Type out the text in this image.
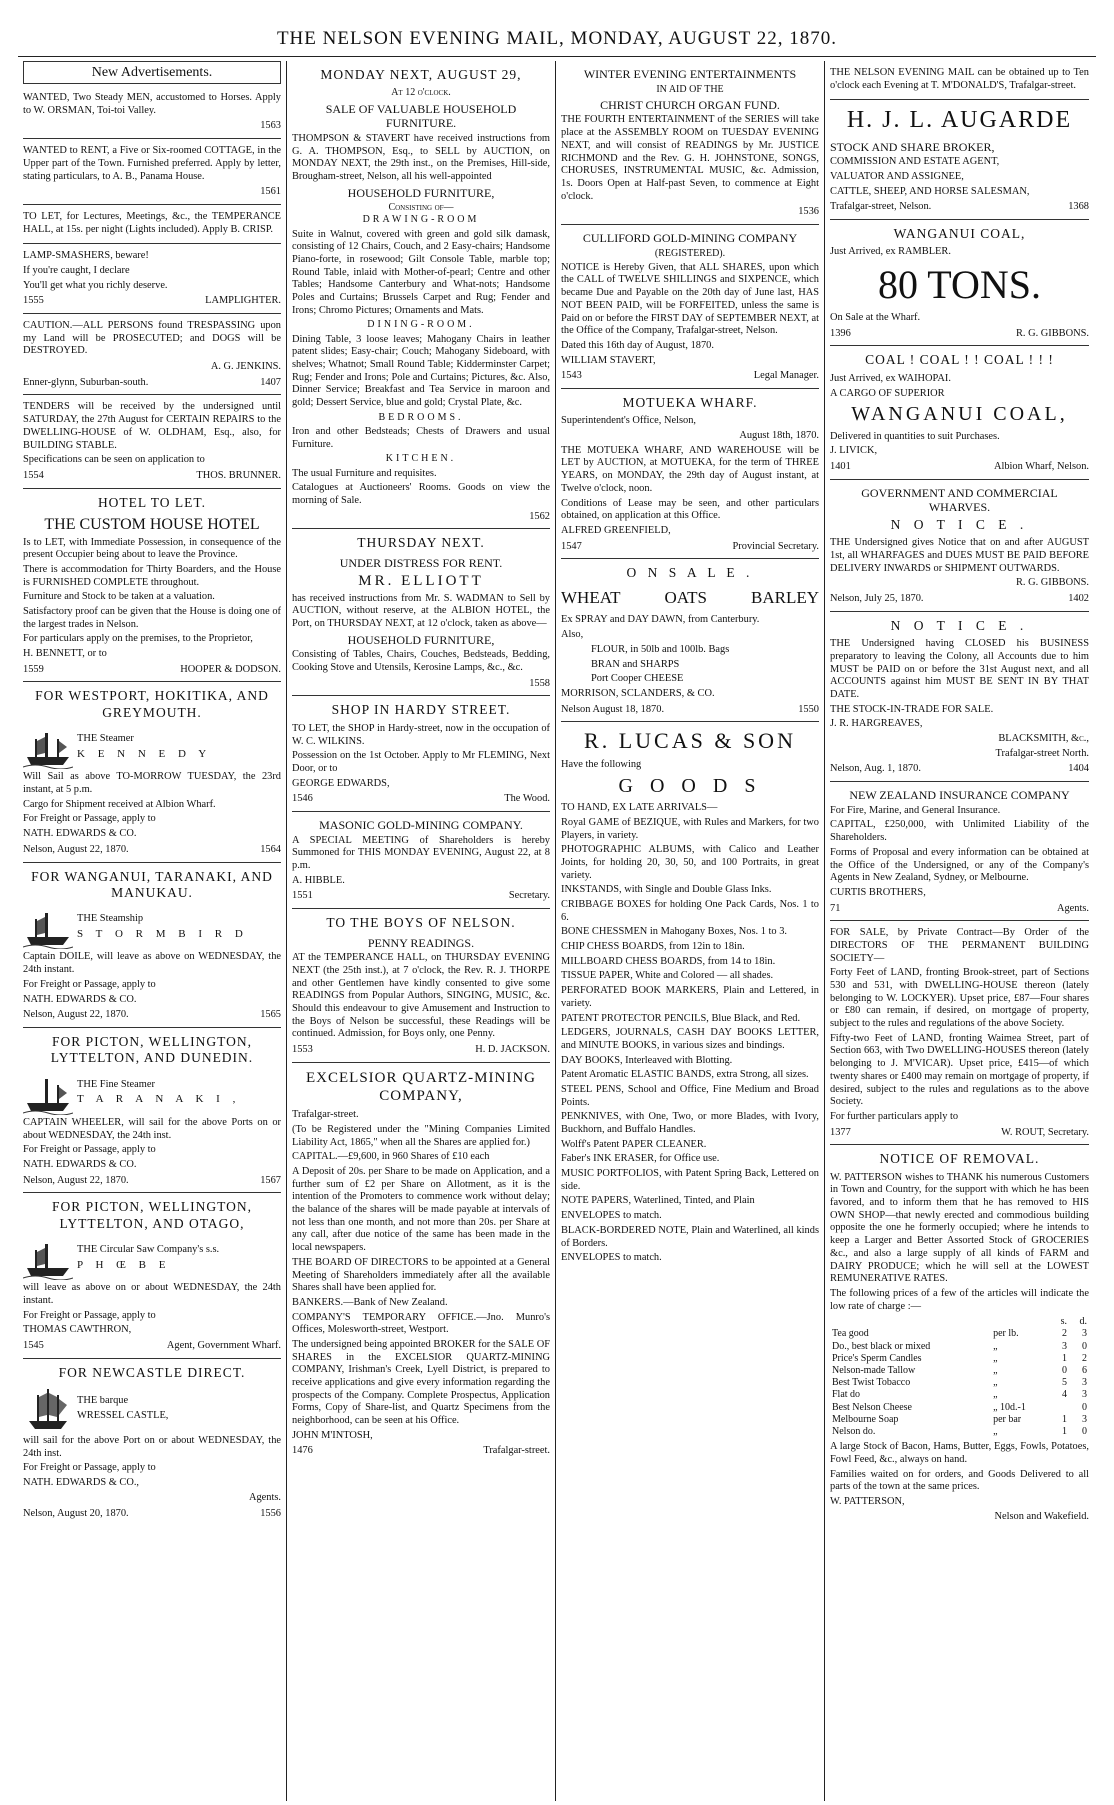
THE NELSON EVENING MAIL, MONDAY, AUGUST 22, 1870.
New Advertisements.

WANTED, Two Steady MEN, accustomed to Horses. Apply to W. ORSMAN, Toi-toi Valley.

1563

WANTED to RENT, a Five or Six-roomed COTTAGE, in the Upper part of the Town. Furnished preferred. Apply by letter, stating particulars, to A. B., Panama House.

1561

TO LET, for Lectures, Meetings, &c., the TEMPERANCE HALL, at 15s. per night (Lights included). Apply B. CRISP.

LAMP-SMASHERS, beware!

If you're caught, I declare

You'll get what you richly deserve.

1555	LAMPLIGHTER.

CAUTION.—ALL PERSONS found TRESPASSING upon my Land will be PROSECUTED; and DOGS will be DESTROYED.

A. G. JENKINS.
Enner-glynn, Suburban-south.	1407

TENDERS will be received by the undersigned until SATURDAY, the 27th August for CERTAIN REPAIRS to the DWELLING-HOUSE of W. OLDHAM, Esq., also, for BUILDING STABLE.

Specifications can be seen on application to

1554	THOS. BRUNNER.
HOTEL TO LET.
THE CUSTOM HOUSE HOTEL

Is to LET, with Immediate Possession, in consequence of the present Occupier being about to leave the Province.

There is accommodation for Thirty Boarders, and the House is FURNISHED COMPLETE throughout.

Furniture and Stock to be taken at a valuation.

Satisfactory proof can be given that the House is doing one of the largest trades in Nelson.

For particulars apply on the premises, to the Proprietor,

H. BENNETT, or to

1559	HOOPER & DODSON.
FOR WESTPORT, HOKITIKA, AND GREYMOUTH.

THE Steamer

K E N N E D Y

Will Sail as above TO-MORROW TUESDAY, the 23rd instant, at 5 p.m.

Cargo for Shipment received at Albion Wharf.

For Freight or Passage, apply to

NATH. EDWARDS & CO.

Nelson, August 22, 1870.	1564
FOR WANGANUI, TARANAKI, AND MANUKAU.

THE Steamship

S T O R M B I R D

Captain DOILE, will leave as above on WEDNESDAY, the 24th instant.

For Freight or Passage, apply to

NATH. EDWARDS & CO.

Nelson, August 22, 1870.	1565
FOR PICTON, WELLINGTON, LYTTELTON, AND DUNEDIN.

THE Fine Steamer

T A R A N A K I ,

CAPTAIN WHEELER, will sail for the above Ports on or about WEDNESDAY, the 24th inst.

For Freight or Passage, apply to

NATH. EDWARDS & CO.

Nelson, August 22, 1870.	1567
FOR PICTON, WELLINGTON, LYTTELTON, AND OTAGO,

THE Circular Saw Company's s.s.

P H Œ B E

will leave as above on or about WEDNESDAY, the 24th instant.

For Freight or Passage, apply to

THOMAS CAWTHRON,

1545	Agent, Government Wharf.
FOR NEWCASTLE DIRECT.

THE barque

WRESSEL CASTLE,

will sail for the above Port on or about WEDNESDAY, the 24th inst.

For Freight or Passage, apply to

NATH. EDWARDS & CO.,

Agents.

Nelson, August 20, 1870.	1556
MONDAY NEXT, AUGUST 29,
At 12 o'clock.
SALE OF VALUABLE HOUSEHOLD FURNITURE.

THOMPSON & STAVERT have received instructions from G. A. THOMPSON, Esq., to SELL by AUCTION, on MONDAY NEXT, the 29th inst., on the Premises, Hill-side, Brougham-street, Nelson, all his well-appointed

HOUSEHOLD FURNITURE,
Consisting of—
DRAWING-ROOM

Suite in Walnut, covered with green and gold silk damask, consisting of 12 Chairs, Couch, and 2 Easy-chairs; Handsome Piano-forte, in rosewood; Gilt Console Table, marble top; Round Table, inlaid with Mother-of-pearl; Centre and other Tables; Handsome Canterbury and What-nots; Handsome Poles and Curtains; Brussels Carpet and Rug; Fender and Irons; Chromo Pictures; Ornaments and Mats.

DINING-ROOM.

Dining Table, 3 loose leaves; Mahogany Chairs in leather patent slides; Easy-chair; Couch; Mahogany Sideboard, with shelves; Whatnot; Small Round Table; Kidderminster Carpet; Rug; Fender and Irons; Pole and Curtains; Pictures, &c. Also, Dinner Service; Breakfast and Tea Service in maroon and gold; Dessert Service, blue and gold; Crystal Plate, &c.

BEDROOMS.

Iron and other Bedsteads; Chests of Drawers and usual Furniture.

KITCHEN.

The usual Furniture and requisites.

Catalogues at Auctioneers' Rooms. Goods on view the morning of Sale.

1562
THURSDAY NEXT.
UNDER DISTRESS FOR RENT.
MR. ELLIOTT

has received instructions from Mr. S. WADMAN to Sell by AUCTION, without reserve, at the ALBION HOTEL, the Port, on THURSDAY NEXT, at 12 o'clock, taken as above—

HOUSEHOLD FURNITURE,

Consisting of Tables, Chairs, Couches, Bedsteads, Bedding, Cooking Stove and Utensils, Kerosine Lamps, &c., &c.

1558
SHOP IN HARDY STREET.

TO LET, the SHOP in Hardy-street, now in the occupation of W. C. WILKINS.

Possession on the 1st October. Apply to Mr FLEMING, Next Door, or to

GEORGE EDWARDS,

1546	The Wood.
MASONIC GOLD-MINING COMPANY.

A SPECIAL MEETING of Shareholders is hereby Summoned for THIS MONDAY EVENING, August 22, at 8 p.m.

A. HIBBLE.

1551	Secretary.
TO THE BOYS OF NELSON.
PENNY READINGS.

AT the TEMPERANCE HALL, on THURSDAY EVENING NEXT (the 25th inst.), at 7 o'clock, the Rev. R. J. THORPE and other Gentlemen have kindly consented to give some READINGS from Popular Authors, SINGING, MUSIC, &c. Should this endeavour to give Amusement and Instruction to the Boys of Nelson be successful, these Readings will be continued. Admission, for Boys only, one Penny.

1553	H. D. JACKSON.
EXCELSIOR QUARTZ-MINING COMPANY,

Trafalgar-street.

(To be Registered under the "Mining Companies Limited Liability Act, 1865," when all the Shares are applied for.)

CAPITAL.—£9,600, in 960 Shares of £10 each

A Deposit of 20s. per Share to be made on Application, and a further sum of £2 per Share on Allotment, as it is the intention of the Promoters to commence work without delay; the balance of the shares will be made payable at intervals of not less than one month, and not more than 20s. per Share at any call, after due notice of the same has been made in the local newspapers.

THE BOARD OF DIRECTORS to be appointed at a General Meeting of Shareholders immediately after all the available Shares shall have been applied for.

BANKERS.—Bank of New Zealand.

COMPANY'S TEMPORARY OFFICE.—Jno. Munro's Offices, Molesworth-street, Westport.

The undersigned being appointed BROKER for the SALE OF SHARES in the EXCELSIOR QUARTZ-MINING COMPANY, Irishman's Creek, Lyell District, is prepared to receive applications and give every information regarding the prospects of the Company. Complete Prospectus, Application Forms, Copy of Share-list, and Quartz Specimens from the neighborhood, can be seen at his Office.

JOHN M'INTOSH,

1476	Trafalgar-street.
WINTER EVENING ENTERTAINMENTS
IN AID OF THE
CHRIST CHURCH ORGAN FUND.

THE FOURTH ENTERTAINMENT of the SERIES will take place at the ASSEMBLY ROOM on TUESDAY EVENING NEXT, and will consist of READINGS by Mr. JUSTICE RICHMOND and the Rev. G. H. JOHNSTONE, SONGS, CHORUSES, INSTRUMENTAL MUSIC, &c. Admission, 1s. Doors Open at Half-past Seven, to commence at Eight o'clock.

1536
CULLIFORD GOLD-MINING COMPANY
(REGISTERED).

NOTICE is Hereby Given, that ALL SHARES, upon which the CALL of TWELVE SHILLINGS and SIXPENCE, which became Due and Payable on the 20th day of June last, HAS NOT BEEN PAID, will be FORFEITED, unless the same is Paid on or before the FIRST DAY of SEPTEMBER NEXT, at the Office of the Company, Trafalgar-street, Nelson.

Dated this 16th day of August, 1870.

WILLIAM STAVERT,

1543	Legal Manager.
MOTUEKA WHARF.

Superintendent's Office, Nelson,

August 18th, 1870.

THE MOTUEKA WHARF, AND WAREHOUSE will be LET by AUCTION, at MOTUEKA, for the term of THREE YEARS, on MONDAY, the 29th day of August instant, at Twelve o'clock, noon.

Conditions of Lease may be seen, and other particulars obtained, on application at this Office.

ALFRED GREENFIELD,

1547	Provincial Secretary.
O N S A L E .
WHEAT	OATS	BARLEY

Ex SPRAY and DAY DAWN, from Canterbury.

Also,

FLOUR, in 50lb and 100lb. Bags

BRAN and SHARPS

Port Cooper CHEESE

MORRISON, SCLANDERS, & CO.

Nelson August 18, 1870.	1550
R. LUCAS & SON

Have the following

G O O D S

TO HAND, EX LATE ARRIVALS—

Royal GAME of BEZIQUE, with Rules and Markers, for two Players, in variety.

PHOTOGRAPHIC ALBUMS, with Calico and Leather Joints, for holding 20, 30, 50, and 100 Portraits, in great variety.

INKSTANDS, with Single and Double Glass Inks.

CRIBBAGE BOXES for holding One Pack Cards, Nos. 1 to 6.

BONE CHESSMEN in Mahogany Boxes, Nos. 1 to 3.

CHIP CHESS BOARDS, from 12in to 18in.

MILLBOARD CHESS BOARDS, from 14 to 18in.

TISSUE PAPER, White and Colored — all shades.

PERFORATED BOOK MARKERS, Plain and Lettered, in variety.

PATENT PROTECTOR PENCILS, Blue Black, and Red.

LEDGERS, JOURNALS, CASH DAY BOOKS LETTER, and MINUTE BOOKS, in various sizes and bindings.

DAY BOOKS, Interleaved with Blotting.

Patent Aromatic ELASTIC BANDS, extra Strong, all sizes.

STEEL PENS, School and Office, Fine Medium and Broad Points.

PENKNIVES, with One, Two, or more Blades, with Ivory, Buckhorn, and Buffalo Handles.

Wolff's Patent PAPER CLEANER.

Faber's INK ERASER, for Office use.

MUSIC PORTFOLIOS, with Patent Spring Back, Lettered on side.

NOTE PAPERS, Waterlined, Tinted, and Plain

ENVELOPES to match.

BLACK-BORDERED NOTE, Plain and Waterlined, all kinds of Borders.

ENVELOPES to match.

THE NELSON EVENING MAIL can be obtained up to Ten o'clock each Evening at T. M'DONALD'S, Trafalgar-street.

H. J. L. AUGARDE

STOCK AND SHARE BROKER,

COMMISSION AND ESTATE AGENT,

VALUATOR AND ASSIGNEE,

CATTLE, SHEEP, AND HORSE SALESMAN,

Trafalgar-street, Nelson.	1368
WANGANUI COAL,

Just Arrived, ex RAMBLER.

80 TONS.

On Sale at the Wharf.

1396	R. G. GIBBONS.
COAL ! COAL ! ! COAL ! ! !

Just Arrived, ex WAIHOPAI.

A CARGO OF SUPERIOR

WANGANUI COAL,

Delivered in quantities to suit Purchases.

J. LIVICK,

1401	Albion Wharf, Nelson.
GOVERNMENT AND COMMERCIAL WHARVES.
N O T I C E .

THE Undersigned gives Notice that on and after AUGUST 1st, all WHARFAGES and DUES MUST BE PAID BEFORE DELIVERY INWARDS or SHIPMENT OUTWARDS.

R. G. GIBBONS.

Nelson, July 25, 1870.	1402
N O T I C E .

THE Undersigned having CLOSED his BUSINESS preparatory to leaving the Colony, all Accounts due to him MUST be PAID on or before the 31st August next, and all ACCOUNTS against him MUST BE SENT IN BY THAT DATE.

THE STOCK-IN-TRADE FOR SALE.

J. R. HARGREAVES,

BLACKSMITH, &c.,

Trafalgar-street North.

Nelson, Aug. 1, 1870.	1404
NEW ZEALAND INSURANCE COMPANY

For Fire, Marine, and General Insurance.

CAPITAL, £250,000, with Unlimited Liability of the Shareholders.

Forms of Proposal and every information can be obtained at the Office of the Undersigned, or any of the Company's Agents in New Zealand, Sydney, or Melbourne.

CURTIS BROTHERS,

71	Agents.

FOR SALE, by Private Contract—By Order of the DIRECTORS OF THE PERMANENT BUILDING SOCIETY—

Forty Feet of LAND, fronting Brook-street, part of Sections 530 and 531, with DWELLING-HOUSE thereon (lately belonging to W. LOCKYER). Upset price, £87—Four shares or £80 can remain, if desired, on mortgage of property, subject to the rules and regulations of the above Society.

Fifty-two Feet of LAND, fronting Waimea Street, part of Section 663, with Two DWELLING-HOUSES thereon (lately belonging to J. M'VICAR). Upset price, £415—of which twenty shares or £400 may remain on mortgage of property, if desired, subject to the rules and regulations as to the above Society.

For further particulars apply to

1377	W. ROUT, Secretary.
NOTICE OF REMOVAL.

W. PATTERSON wishes to THANK his numerous Customers in Town and Country, for the support with which he has been favored, and to inform them that he has removed to HIS OWN SHOP—that newly erected and commodious building opposite the one he formerly occupied; where he intends to keep a Larger and Better Assorted Stock of GROCERIES &c., and also a large supply of all kinds of FARM and DAIRY PRODUCE; which he will sell at the LOWEST REMUNERATIVE RATES.

The following prices of a few of the articles will indicate the low rate of charge :—

		s.	d.
Tea good	per lb.	2	3
Do., best black or mixed	„	3	0
Price's Sperm Candles	„	1	2
Nelson-made Tallow	„	0	6
Best Twist Tobacco	„	5	3
Flat do	„	4	3
Best Nelson Cheese	„ 10d.-1		0
Melbourne Soap	per bar	1	3
Nelson do.	„	1	0

A large Stock of Bacon, Hams, Butter, Eggs, Fowls, Potatoes, Fowl Feed, &c., always on hand.

Families waited on for orders, and Goods Delivered to all parts of the town at the same prices.

W. PATTERSON,

Nelson and Wakefield.
